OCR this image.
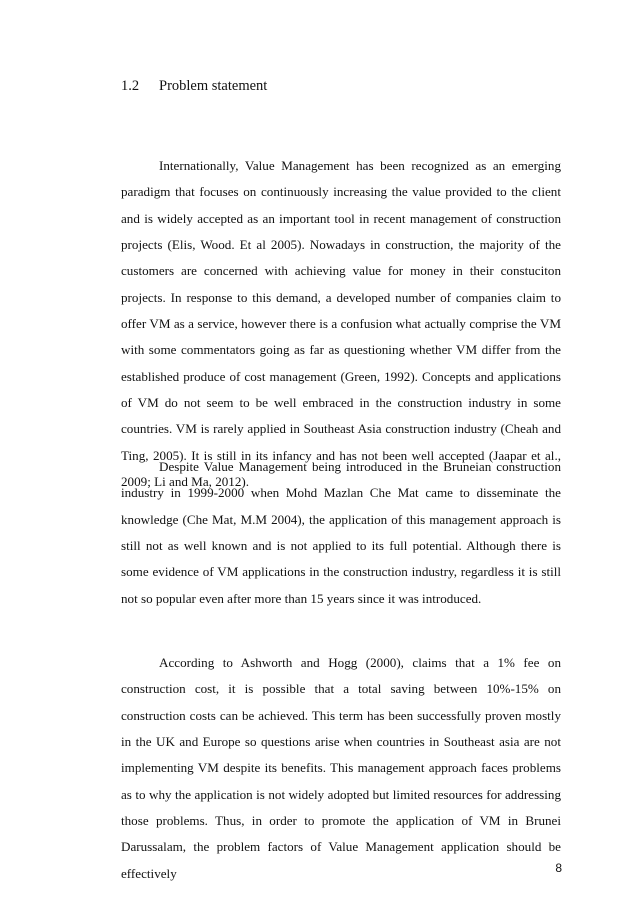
1.2 Problem statement

Internationally, Value Management has been recognized as an emerging paradigm that focuses on continuously increasing the value provided to the client and is widely accepted as an important tool in recent management of construction projects (Elis, Wood. Et al 2005). Nowadays in construction, the majority of the customers are concerned with achieving value for money in their constuciton projects. In response to this demand, a developed number of companies claim to offer VM as a service, however there is a confusion what actually comprise the VM with some commentators going as far as questioning whether VM differ from the established produce of cost management (Green, 1992). Concepts and applications of VM do not seem to be well embraced in the construction industry in some countries. VM is rarely applied in Southeast Asia construction industry (Cheah and Ting, 2005). It is still in its infancy and has not been well accepted (Jaapar et al., 2009; Li and Ma, 2012).

Despite Value Management being introduced in the Bruneian construction industry in 1999-2000 when Mohd Mazlan Che Mat came to disseminate the knowledge (Che Mat, M.M 2004), the application of this management approach is still not as well known and is not applied to its full potential. Although there is some evidence of VM applications in the construction industry, regardless it is still not so popular even after more than 15 years since it was introduced.

According to Ashworth and Hogg (2000), claims that a 1% fee on construction cost, it is possible that a total saving between 10%-15% on construction costs can be achieved. This term has been successfully proven mostly in the UK and Europe so questions arise when countries in Southeast asia are not implementing VM despite its benefits. This management approach faces problems as to why the application is not widely adopted but limited resources for addressing those problems. Thus, in order to promote the application of VM in Brunei Darussalam, the problem factors of Value Management application should be effectively	8
